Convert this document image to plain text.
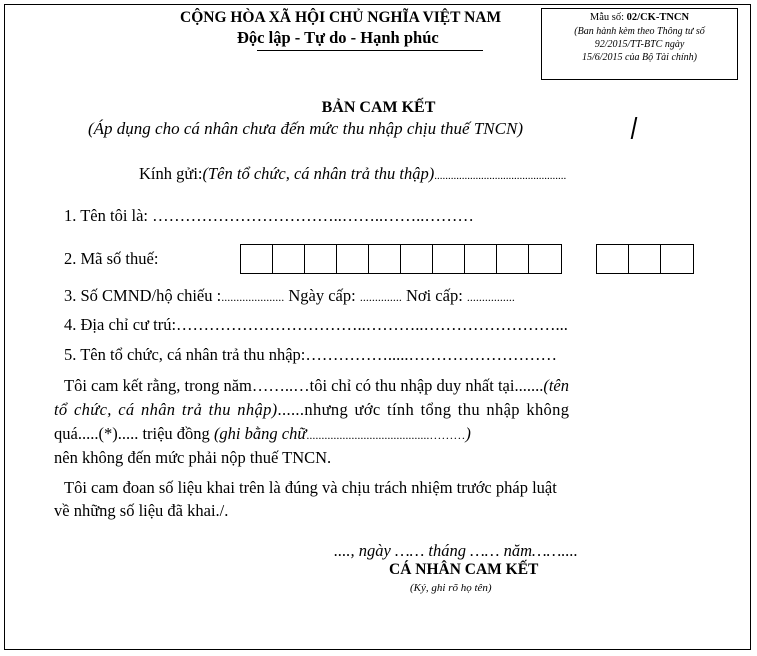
CỘNG HÒA XÃ HỘI CHỦ NGHĨA VIỆT NAM
Độc lập - Tự do - Hạnh phúc
Mẫu số: 02/CK-TNCN
(Ban hành kèm theo Thông tư số
92/2015/TT-BTC ngày
15/6/2015 của Bộ Tài chính)
BẢN CAM KẾT
(Áp dụng cho cá nhân chưa đến mức thu nhập chịu thuế TNCN)
Kính gửi:(Tên tổ chức, cá nhân trả thu thập)................................................
1. Tên tôi là: ……………………………..……..……..………
2. Mã số thuế:
3. Số CMND/hộ chiếu :..................... Ngày cấp: .............. Nơi cấp: ................
4. Địa chỉ cư trú:……………………………..………..……………………...
5. Tên tổ chức, cá nhân trả thu nhập:…………….....………………………
Tôi cam kết rằng, trong năm……..…tôi chỉ có thu nhập duy nhất tại.......(tên
tổ chức, cá nhân trả thu nhập)......nhưng ước tính tổng thu nhập không
quá.....(*)..... triệu đồng (ghi bằng chữ.........................................………)
nên không đến mức phải nộp thuế TNCN.
Tôi cam đoan số liệu khai trên là đúng và chịu trách nhiệm trước pháp luật
về những số liệu đã khai./.
...., ngày …… tháng …… năm……....
CÁ NHÂN CAM KẾT
(Ký, ghi rõ họ tên)
